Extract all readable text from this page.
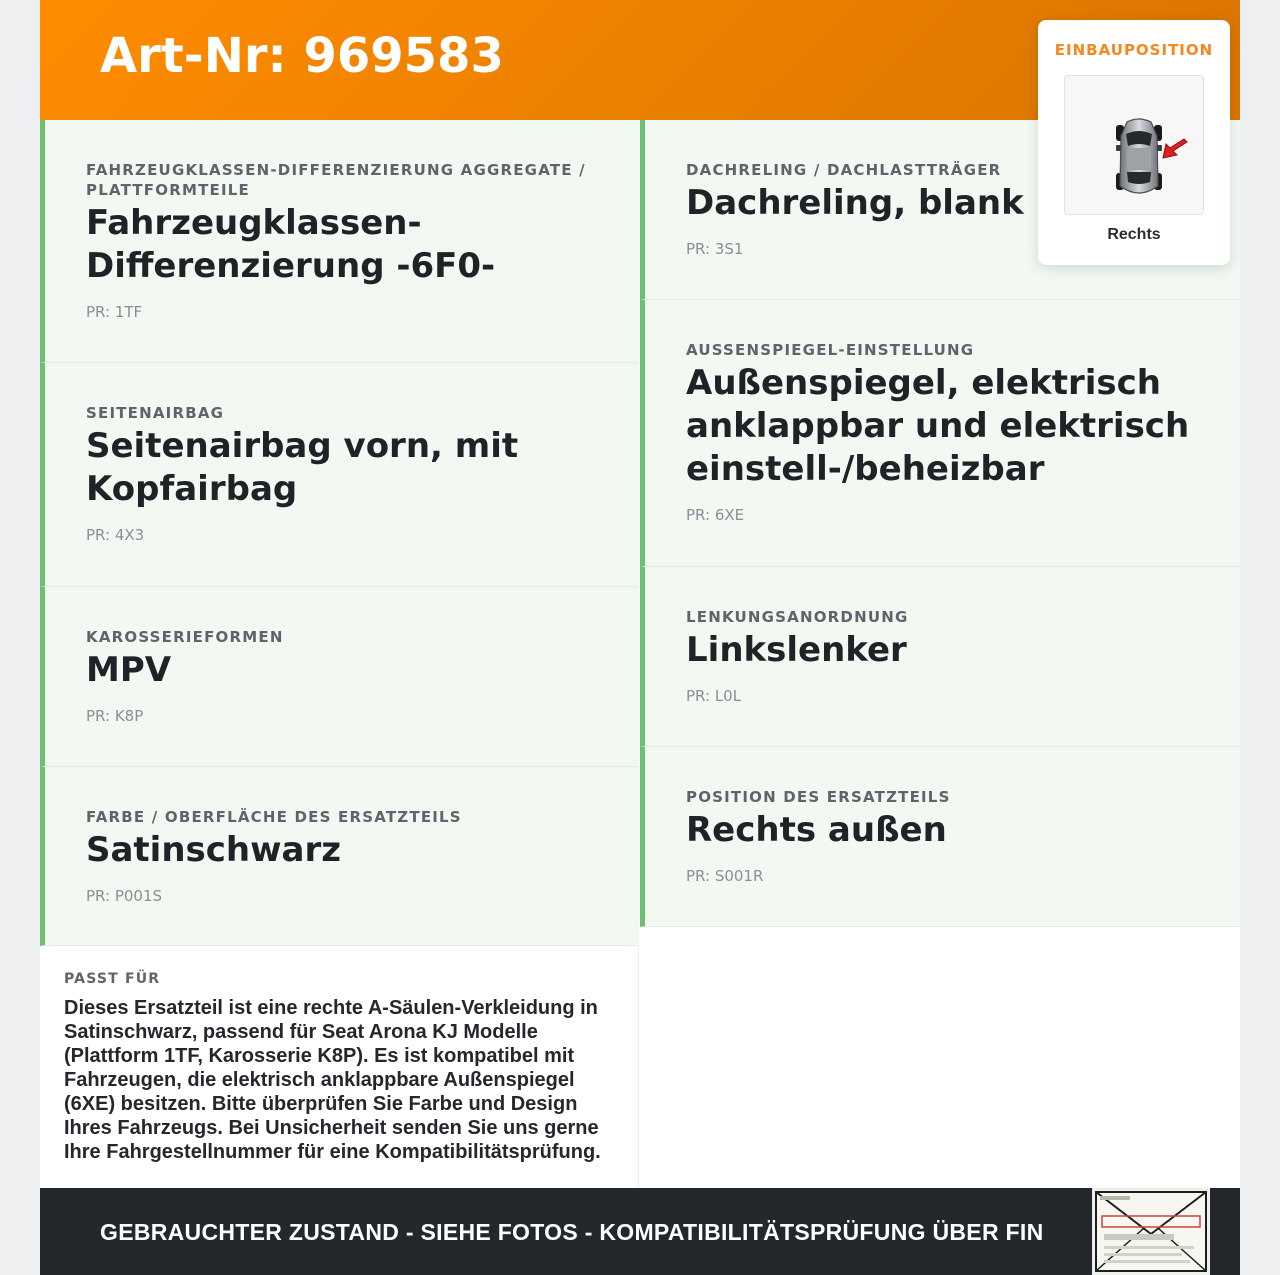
Art-Nr: 969583
FAHRZEUGKLASSEN-DIFFERENZIERUNG AGGREGATE / PLATTFORMTEILE
Fahrzeugklassen-Differenzierung -6F0-
PR: 1TF
SEITENAIRBAG
Seitenairbag vorn, mit Kopfairbag
PR: 4X3
KAROSSERIEFORMEN
MPV
PR: K8P
FARBE / OBERFLÄCHE DES ERSATZTEILS
Satinschwarz
PR: P001S
DACHRELING / DACHLASTTRÄGER
Dachreling, blank
PR: 3S1
AUSSENSPIEGEL-EINSTELLUNG
Außenspiegel, elektrisch anklappbar und elektrisch einstell-/beheizbar
PR: 6XE
LENKUNGSANORDNUNG
Linkslenker
PR: L0L
POSITION DES ERSATZTEILS
Rechts außen
PR: S001R
PASST FÜR
Dieses Ersatzteil ist eine rechte A-Säulen-Verkleidung in Satinschwarz, passend für Seat Arona KJ Modelle (Plattform 1TF, Karosserie K8P). Es ist kompatibel mit Fahrzeugen, die elektrisch anklappbare Außenspiegel (6XE) besitzen. Bitte überprüfen Sie Farbe und Design Ihres Fahrzeugs. Bei Unsicherheit senden Sie uns gerne Ihre Fahrgestellnummer für eine Kompatibilitätsprüfung.
GEBRAUCHTER ZUSTAND - SIEHE FOTOS - KOMPATIBILITÄTSPRÜFUNG ÜBER FIN
EINBAUPOSITION
Rechts
